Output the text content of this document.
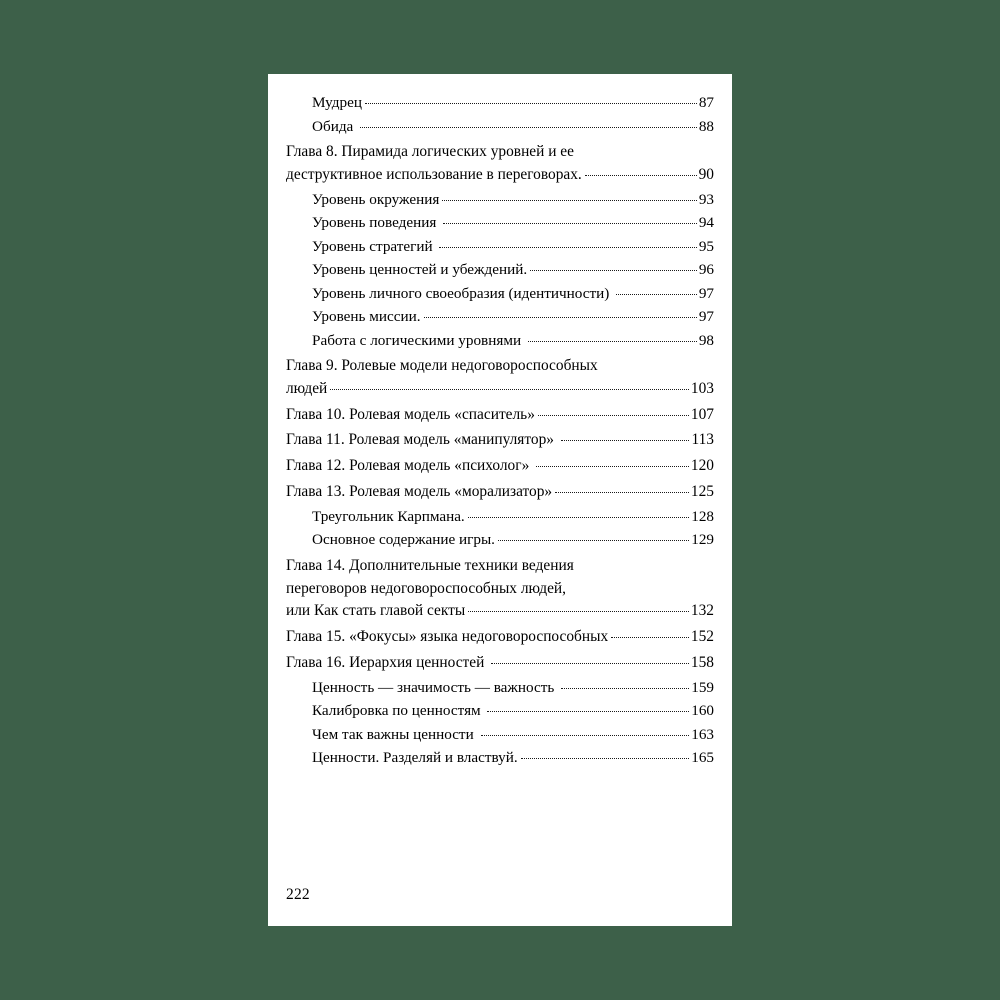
Мудрец	87
Обида	88
Глава 8. Пирамида логических уровней и ее
деструктивное использование в переговорах.	90
Уровень окружения	93
Уровень поведения	94
Уровень стратегий	95
Уровень ценностей и убеждений.	96
Уровень личного своеобразия (идентичности)	97
Уровень миссии.	97
Работа с логическими уровнями	98
Глава 9. Ролевые модели недоговороспособных
людей	103
Глава 10. Ролевая модель «спаситель»	107
Глава 11. Ролевая модель «манипулятор»	113
Глава 12. Ролевая модель «психолог»	120
Глава 13. Ролевая модель «морализатор»	125
Треугольник Карпмана.	128
Основное содержание игры.	129
Глава 14. Дополнительные техники ведения
переговоров недоговороспособных людей,
или Как стать главой секты	132
Глава 15. «Фокусы» языка недоговороспособных	152
Глава 16. Иерархия ценностей	158
Ценность — значимость — важность	159
Калибровка по ценностям	160
Чем так важны ценности	163
Ценности. Разделяй и властвуй.	165
222
